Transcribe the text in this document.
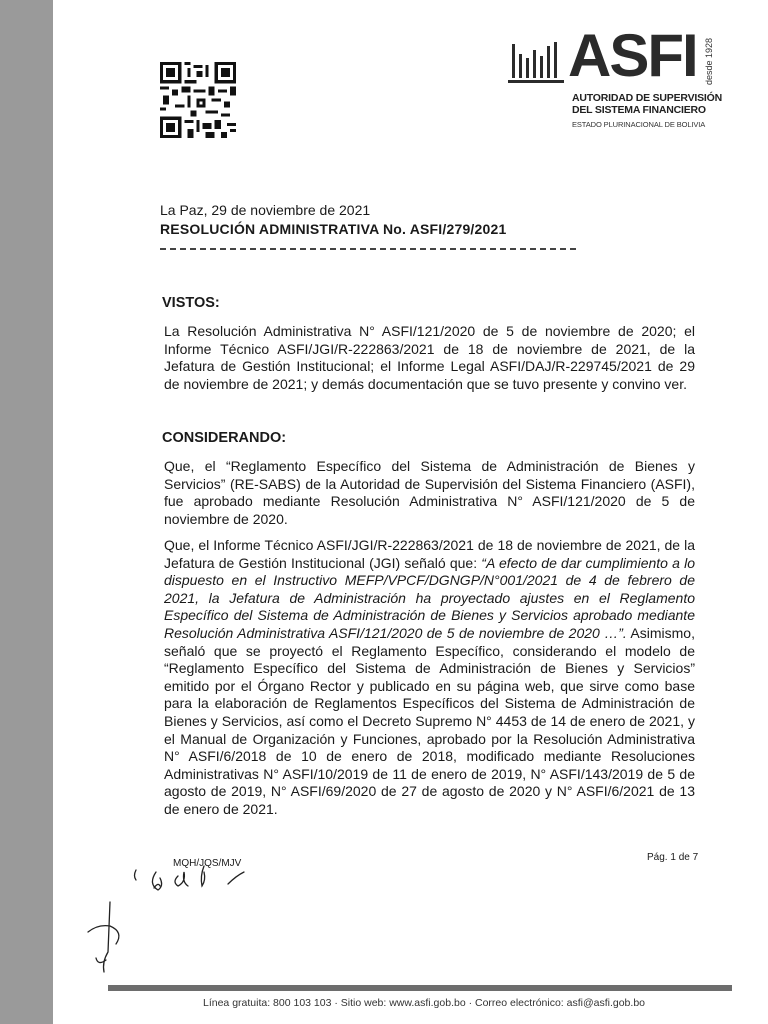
ASFI desde 1928
AUTORIDAD DE SUPERVISIÓN
DEL SISTEMA FINANCIERO
ESTADO PLURINACIONAL DE BOLIVIA
La Paz, 29 de noviembre de 2021
RESOLUCIÓN ADMINISTRATIVA No. ASFI/279/2021
VISTOS:

La Resolución Administrativa N° ASFI/121/2020 de 5 de noviembre de 2020; el Informe Técnico ASFI/JGI/R-222863/2021 de 18 de noviembre de 2021, de la Jefatura de Gestión Institucional; el Informe Legal ASFI/DAJ/R-229745/2021 de 29 de noviembre de 2021; y demás documentación que se tuvo presente y convino ver.

CONSIDERANDO:

Que, el “Reglamento Específico del Sistema de Administración de Bienes y Servicios” (RE-SABS) de la Autoridad de Supervisión del Sistema Financiero (ASFI), fue aprobado mediante Resolución Administrativa N° ASFI/121/2020 de 5 de noviembre de 2020.

Que, el Informe Técnico ASFI/JGI/R-222863/2021 de 18 de noviembre de 2021, de la Jefatura de Gestión Institucional (JGI) señaló que: “A efecto de dar cumplimiento a lo dispuesto en el Instructivo MEFP/VPCF/DGNGP/N°001/2021 de 4 de febrero de 2021, la Jefatura de Administración ha proyectado ajustes en el Reglamento Específico del Sistema de Administración de Bienes y Servicios aprobado mediante Resolución Administrativa ASFI/121/2020 de 5 de noviembre de 2020 …”. Asimismo, señaló que se proyectó el Reglamento Específico, considerando el modelo de “Reglamento Específico del Sistema de Administración de Bienes y Servicios” emitido por el Órgano Rector y publicado en su página web, que sirve como base para la elaboración de Reglamentos Específicos del Sistema de Administración de Bienes y Servicios, así como el Decreto Supremo N° 4453 de 14 de enero de 2021, y el Manual de Organización y Funciones, aprobado por la Resolución Administrativa N° ASFI/6/2018 de 10 de enero de 2018, modificado mediante Resoluciones Administrativas N° ASFI/10/2019 de 11 de enero de 2019, N° ASFI/143/2019 de 5 de agosto de 2019, N° ASFI/69/2020 de 27 de agosto de 2020 y N° ASFI/6/2021 de 13 de enero de 2021.

MQH/JQS/MJV
Pág. 1 de 7
Línea gratuita: 800 103 103 · Sitio web: www.asfi.gob.bo · Correo electrónico: asfi@asfi.gob.bo
